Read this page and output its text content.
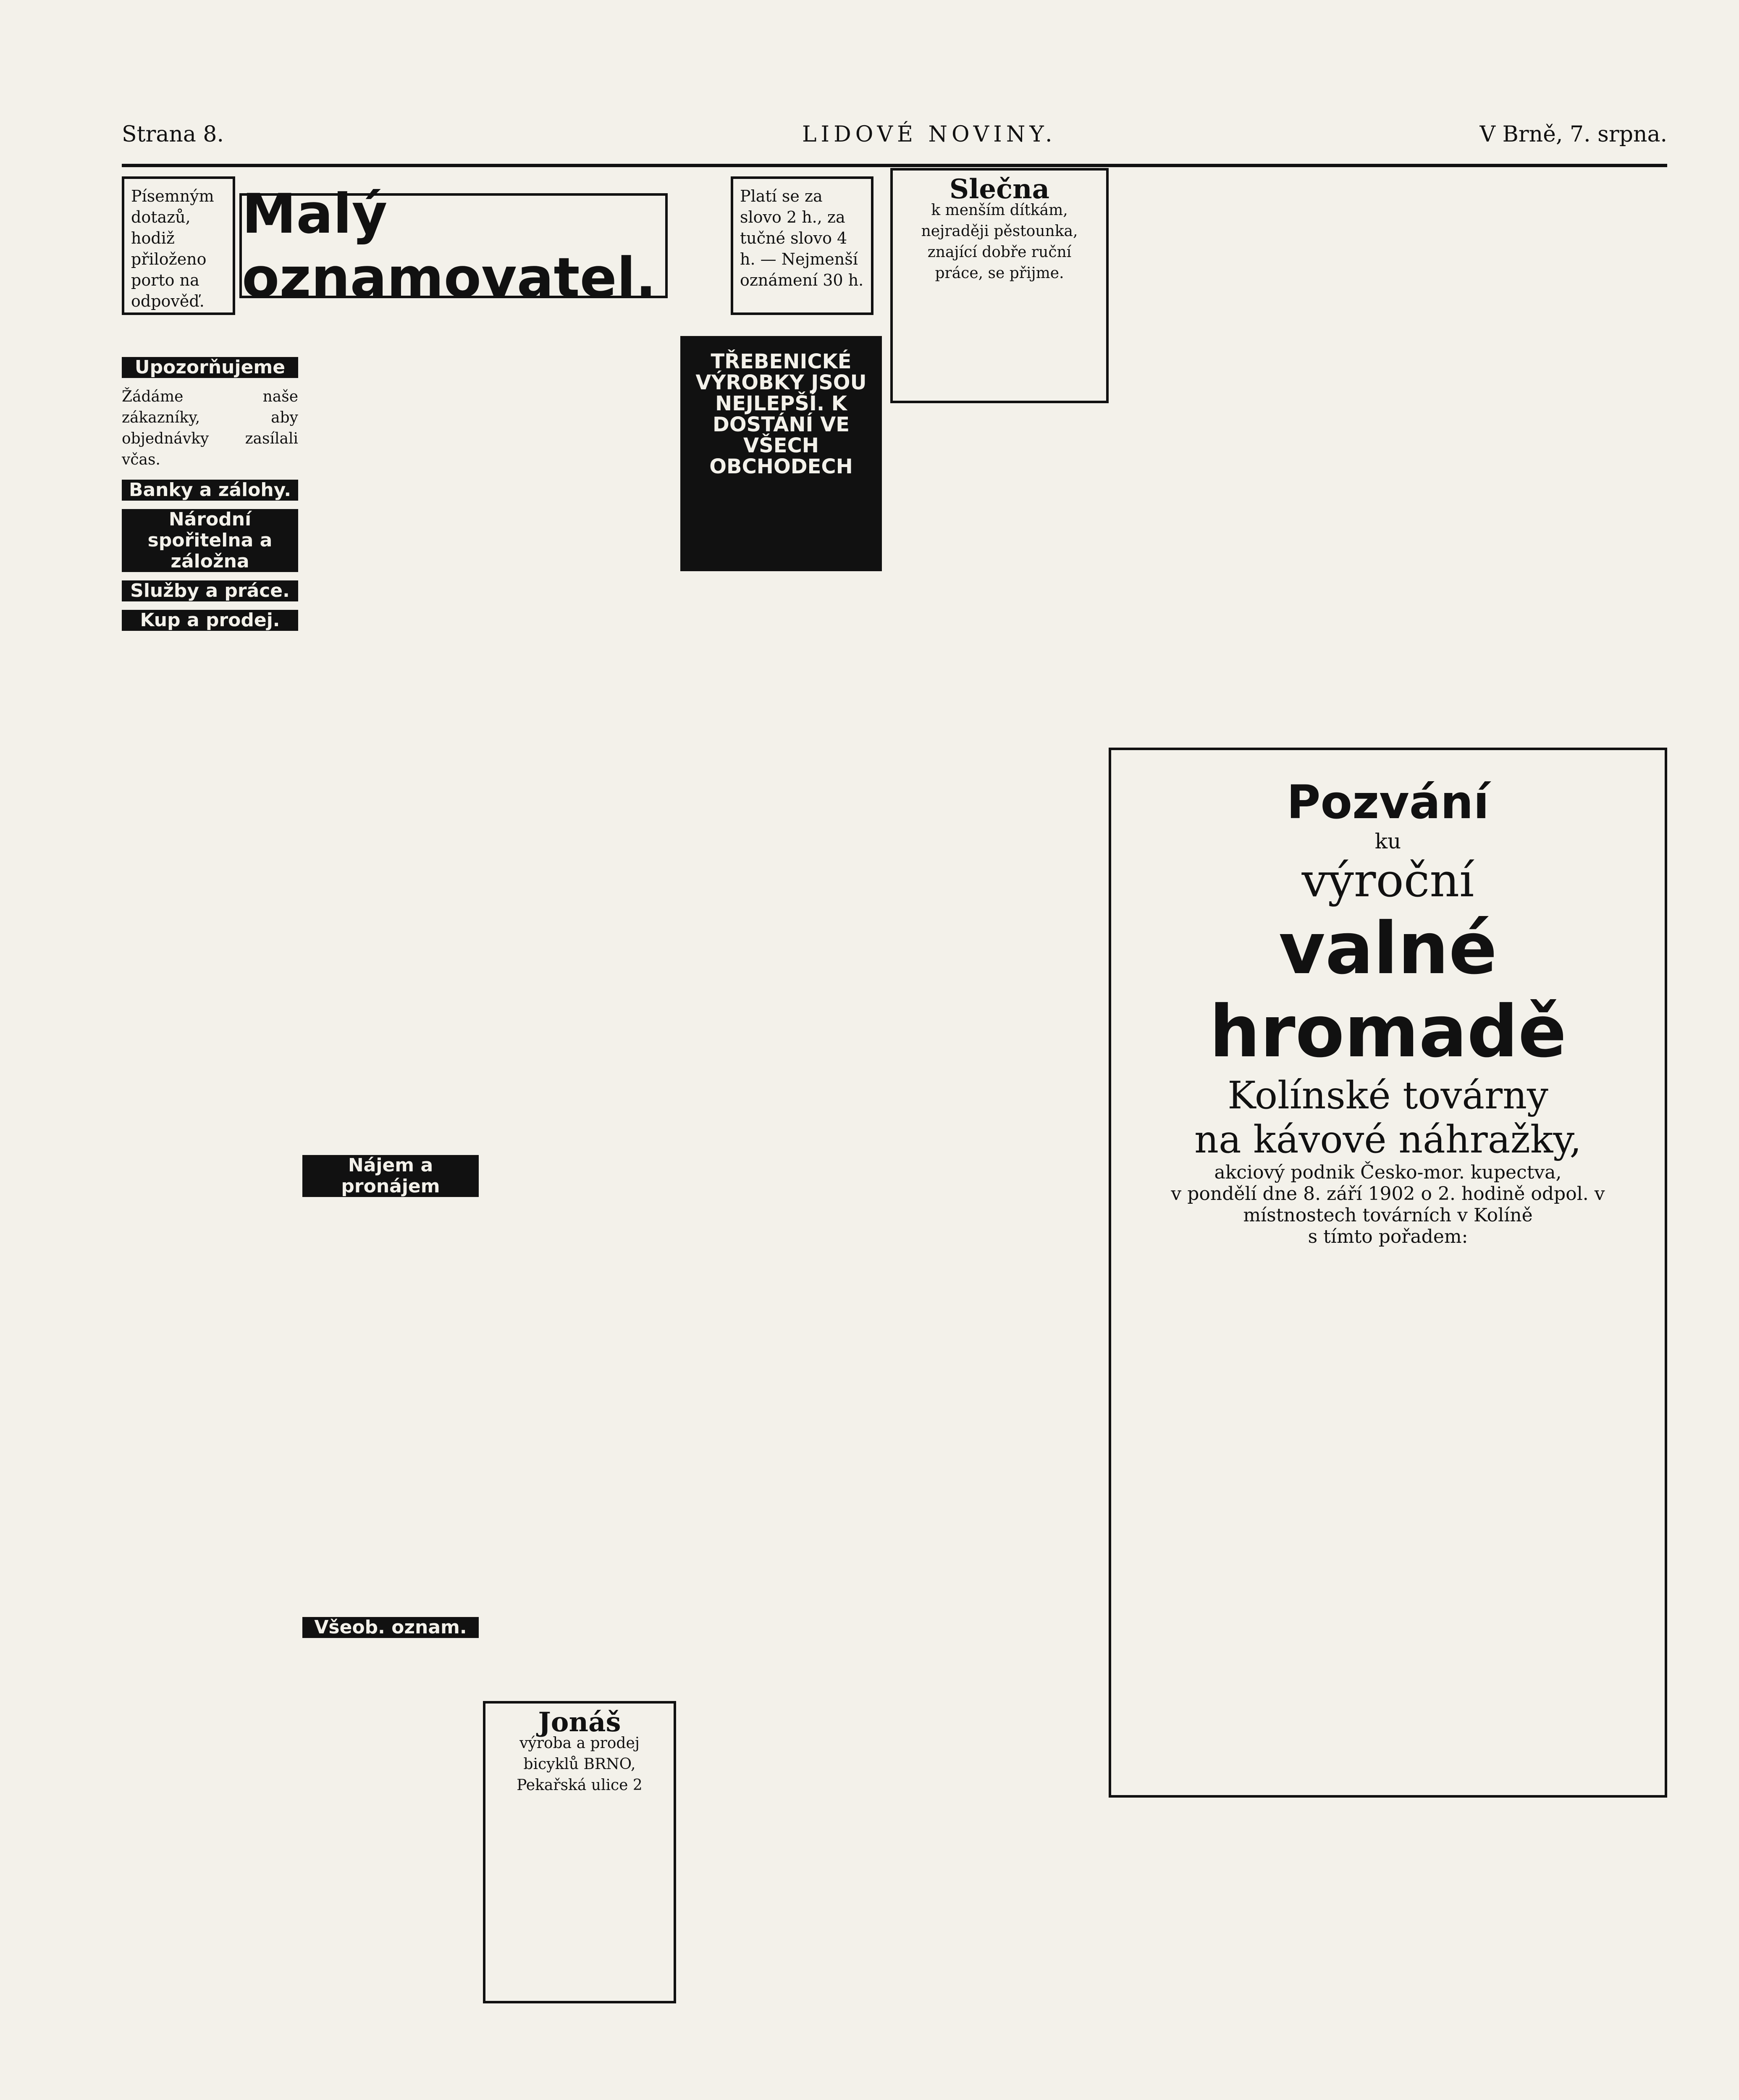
Strana 8.	LIDOVÉ NOVINY.	V Brně, 7. srpna.
Písemným dotazů, hodiž přiloženo porto na odpověď.
Malý oznamovatel.
Platí se za slovo 2 h., za tučné slovo 4 h. — Nejmenší oznámení 30 h.
Upozorňujeme

Žádáme naše zákazníky, aby objednávky zasílali včas.

Banky a zálohy.
Národní spořitelna a záložna
Služby a práce.
Kup a prodej.
Nájem a pronájem
Všeob. oznam.
Jonáš
výroba a prodej bicyklů BRNO, Pekařská ulice 2
TŘEBENICKÉ VÝROBKY JSOU NEJLEPŠÍ. K DOSTÁNÍ VE VŠECH OBCHODECH
Slečna
k menším dítkám, nejraději pěstounka, znající dobře ruční práce, se přijme.
Pozvání
ku
výroční
valné hromadě
Kolínské továrny
na kávové náhražky,
akciový podnik Česko-mor. kupectva,
v pondělí dne 8. září 1902 o 2. hodině odpol. v místnostech továrních v Kolíně
s tímto pořadem:
